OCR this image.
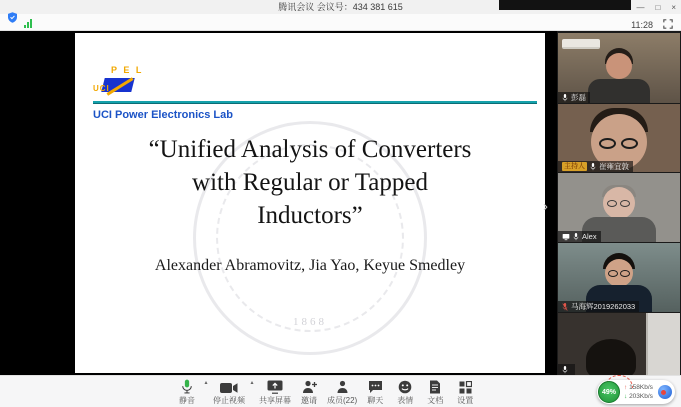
腾讯会议 会议号：434 381 615	— □ ×
11:28
1868
P E L
UCI
UCI Power Electronics Lab
“Unified Analysis of Converters
with Regular or Tapped
Inductors”
Alexander Abramovitz, Jia Yao, Keyue Smedley
›
彭磊
主持人 崔雍宜敦
Alex
马海辉2019262033
静音
▴
停止视频
▴
共享屏幕 邀请 成员(22) 聊天 表情 文档 设置
49%
↑ 158Kb/s
↓ 203Kb/s
